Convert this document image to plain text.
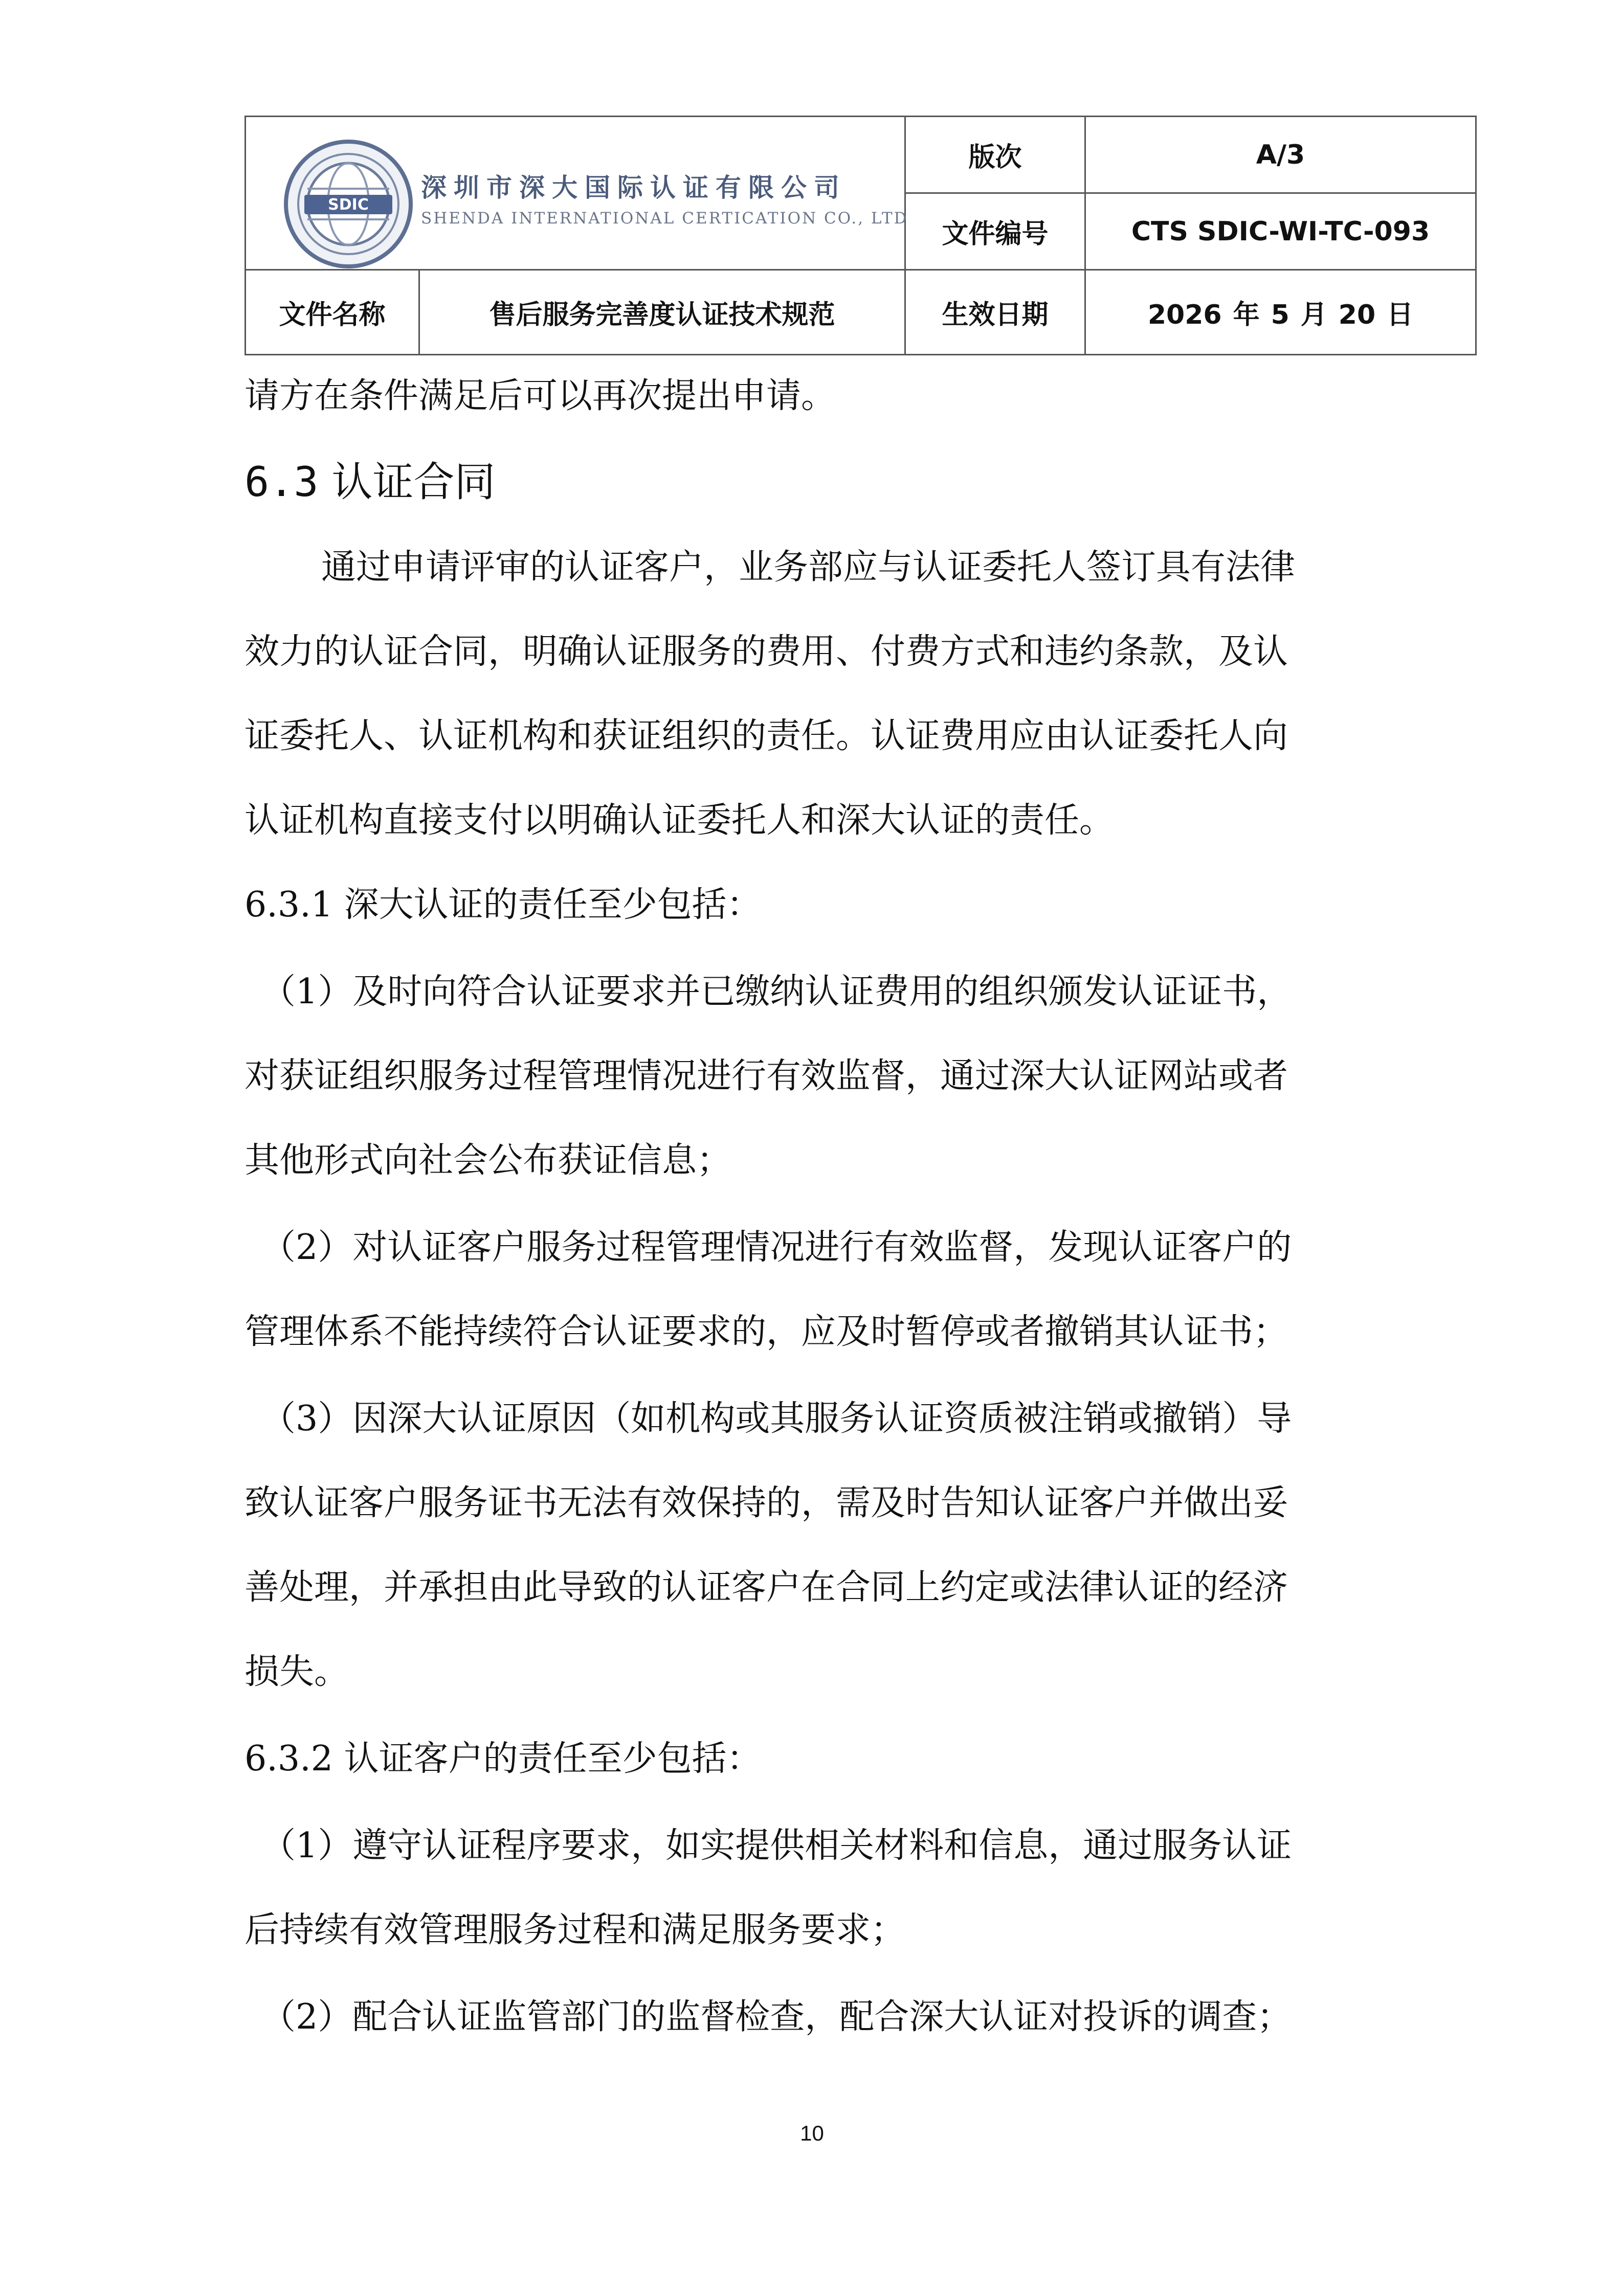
SDIC
深圳市深大国际认证有限公司
SHENDA INTERNATIONAL CERTICATION CO., LTD		版次	A/3
		文件编号	CTS SDIC-WI-TC-093
文件名称	售后服务完善度认证技术规范	生效日期	2026 年 5 月 20 日
请方在条件满足后可以再次提出申请。
6.3 认证合同
通过申请评审的认证客户，业务部应与认证委托人签订具有法律
效力的认证合同，明确认证服务的费用、付费方式和违约条款，及认
证委托人、认证机构和获证组织的责任。认证费用应由认证委托人向
认证机构直接支付以明确认证委托人和深大认证的责任。
6.3.1 深大认证的责任至少包括：
（1）及时向符合认证要求并已缴纳认证费用的组织颁发认证证书，
对获证组织服务过程管理情况进行有效监督，通过深大认证网站或者
其他形式向社会公布获证信息；
（2）对认证客户服务过程管理情况进行有效监督，发现认证客户的
管理体系不能持续符合认证要求的，应及时暂停或者撤销其认证书；
（3）因深大认证原因（如机构或其服务认证资质被注销或撤销）导
致认证客户服务证书无法有效保持的，需及时告知认证客户并做出妥
善处理，并承担由此导致的认证客户在合同上约定或法律认证的经济
损失。
6.3.2 认证客户的责任至少包括：
（1）遵守认证程序要求，如实提供相关材料和信息，通过服务认证
后持续有效管理服务过程和满足服务要求；
（2）配合认证监管部门的监督检查，配合深大认证对投诉的调查；
10
